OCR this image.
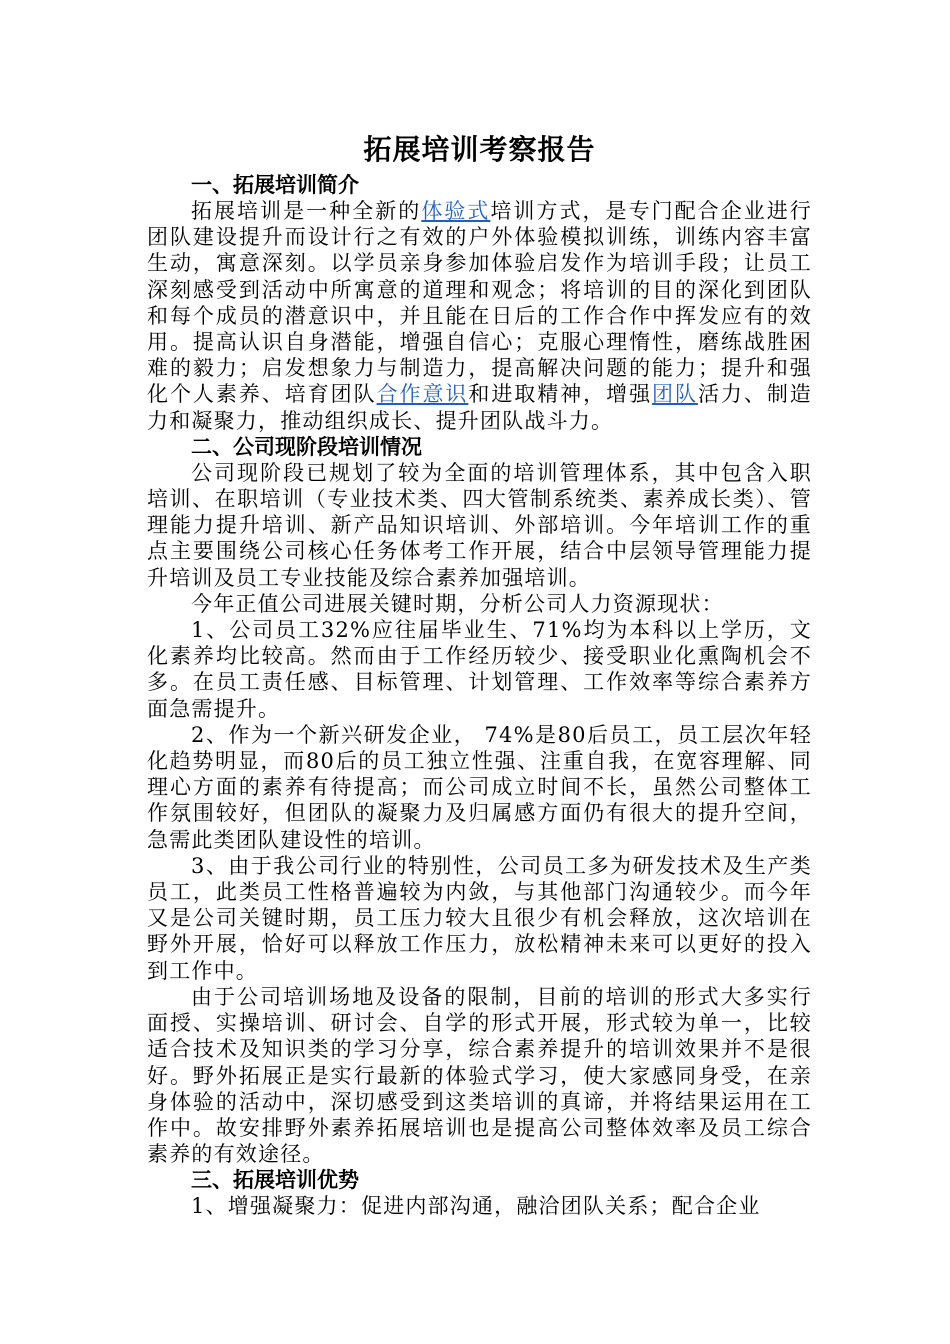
拓展培训考察报告

一、拓展培训简介

拓展培训是一种全新的体验式培训方式，是专门配合企业进行团队建设提升而设计行之有效的户外体验模拟训练，训练内容丰富生动，寓意深刻。以学员亲身参加体验启发作为培训手段；让员工深刻感受到活动中所寓意的道理和观念；将培训的目的深化到团队和每个成员的潜意识中，并且能在日后的工作合作中挥发应有的效用。提高认识自身潜能，增强自信心；克服心理惰性，磨练战胜困难的毅力；启发想象力与制造力，提高解决问题的能力；提升和强化个人素养、培育团队合作意识和进取精神，增强团队活力、制造力和凝聚力，推动组织成长、提升团队战斗力。

二、公司现阶段培训情况

公司现阶段已规划了较为全面的培训管理体系，其中包含入职培训、在职培训（专业技术类、四大管制系统类、素养成长类）、管理能力提升培训、新产品知识培训、外部培训。今年培训工作的重点主要围绕公司核心任务体考工作开展，结合中层领导管理能力提升培训及员工专业技能及综合素养加强培训。

今年正值公司进展关键时期，分析公司人力资源现状：

1、公司员工32%应往届毕业生、71%均为本科以上学历，文化素养均比较高。然而由于工作经历较少、接受职业化熏陶机会不多。在员工责任感、目标管理、计划管理、工作效率等综合素养方面急需提升。

2、作为一个新兴研发企业， 74%是80后员工，员工层次年轻化趋势明显，而80后的员工独立性强、注重自我，在宽容理解、同理心方面的素养有待提高；而公司成立时间不长，虽然公司整体工作氛围较好，但团队的凝聚力及归属感方面仍有很大的提升空间，急需此类团队建设性的培训。

3、由于我公司行业的特别性，公司员工多为研发技术及生产类员工，此类员工性格普遍较为内敛，与其他部门沟通较少。而今年又是公司关键时期，员工压力较大且很少有机会释放，这次培训在野外开展，恰好可以释放工作压力，放松精神未来可以更好的投入到工作中。

由于公司培训场地及设备的限制，目前的培训的形式大多实行面授、实操培训、研讨会、自学的形式开展，形式较为单一，比较适合技术及知识类的学习分享，综合素养提升的培训效果并不是很好。野外拓展正是实行最新的体验式学习，使大家感同身受，在亲身体验的活动中，深切感受到这类培训的真谛，并将结果运用在工作中。故安排野外素养拓展培训也是提高公司整体效率及员工综合素养的有效途径。

三、拓展培训优势

1、增强凝聚力：促进内部沟通，融洽团队关系；配合企业
